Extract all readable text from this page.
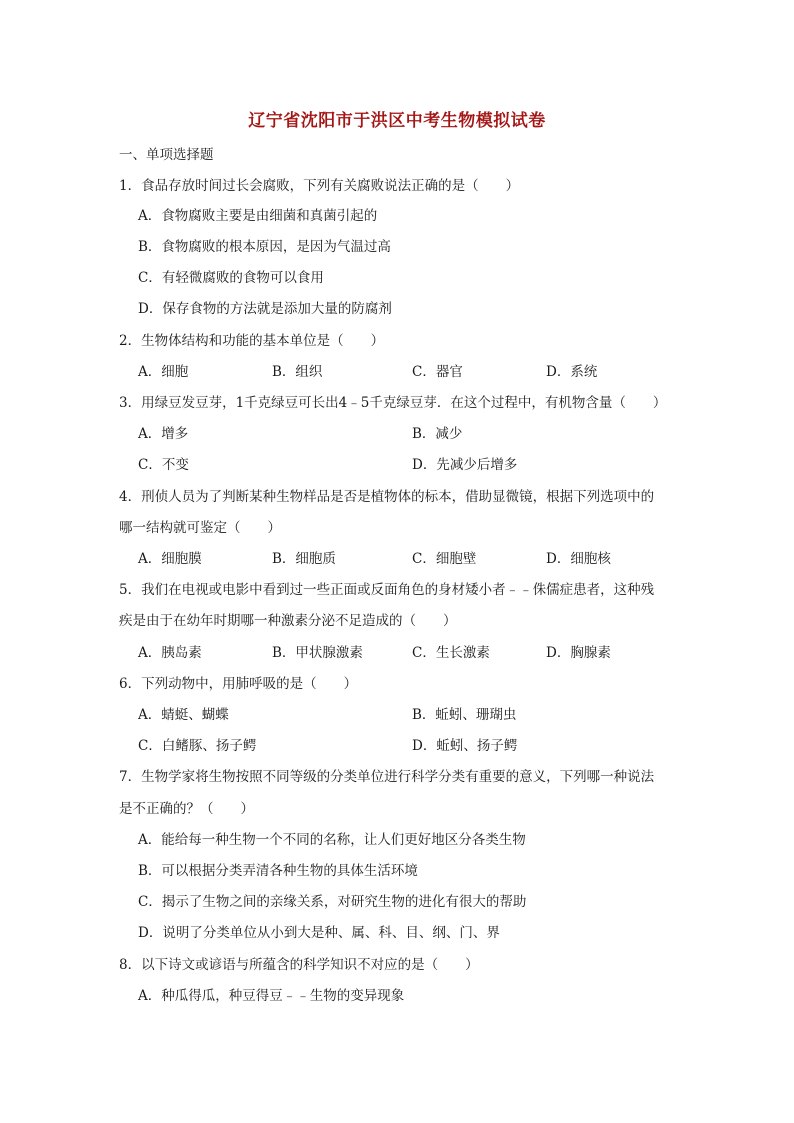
辽宁省沈阳市于洪区中考生物模拟试卷
一、单项选择题
1．食品存放时间过长会腐败，下列有关腐败说法正确的是（　　）
A．食物腐败主要是由细菌和真菌引起的
B．食物腐败的根本原因，是因为气温过高
C．有轻微腐败的食物可以食用
D．保存食物的方法就是添加大量的防腐剂
2．生物体结构和功能的基本单位是（　　）
A．细胞	B．组织	C．器官	D．系统
3．用绿豆发豆芽，1千克绿豆可长出4﹣5千克绿豆芽．在这个过程中，有机物含量（　　）
A．增多	B．减少
C．不变	D．先减少后增多
4．刑侦人员为了判断某种生物样品是否是植物体的标本，借助显微镜，根据下列选项中的
哪一结构就可鉴定（　　）
A．细胞膜	B．细胞质	C．细胞壁	D．细胞核
5．我们在电视或电影中看到过一些正面或反面角色的身材矮小者﹣﹣侏儒症患者，这种残
疾是由于在幼年时期哪一种激素分泌不足造成的（　　）
A．胰岛素	B．甲状腺激素	C．生长激素	D．胸腺素
6．下列动物中，用肺呼吸的是（　　）
A．蜻蜓、蝴蝶	B．蚯蚓、珊瑚虫
C．白鳍豚、扬子鳄	D．蚯蚓、扬子鳄
7．生物学家将生物按照不同等级的分类单位进行科学分类有重要的意义，下列哪一种说法
是不正确的？（　　）
A．能给每一种生物一个不同的名称，让人们更好地区分各类生物
B．可以根据分类弄清各种生物的具体生活环境
C．揭示了生物之间的亲缘关系，对研究生物的进化有很大的帮助
D．说明了分类单位从小到大是种、属、科、目、纲、门、界
8．以下诗文或谚语与所蕴含的科学知识不对应的是（　　）
A．种瓜得瓜，种豆得豆﹣﹣生物的变异现象
